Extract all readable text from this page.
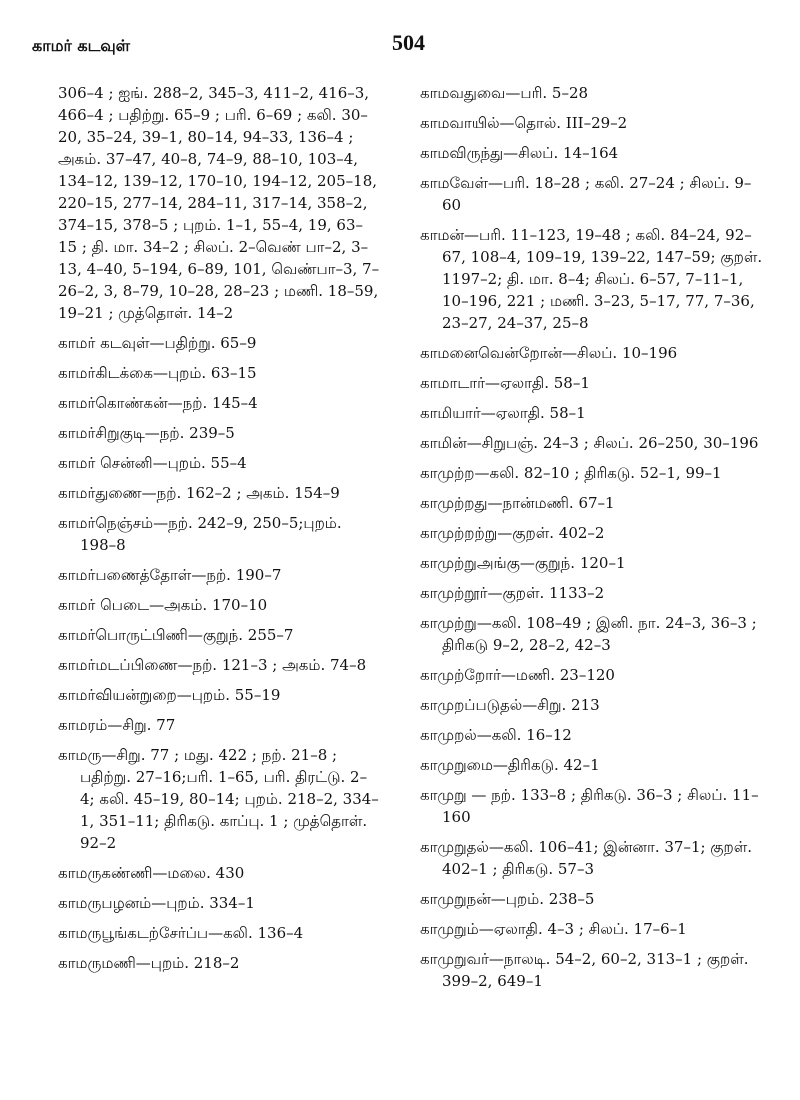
காமர் கடவுள்	504
306–4 ; ஐங். 288–2, 345–3, 411–2, 416–3, 466–4 ; பதிற்று. 65–9 ; பரி. 6–69 ; கலி. 30–20, 35–24, 39–1, 80–14, 94–33, 136–4 ; அகம். 37–47, 40–8, 74–9, 88–10, 103–4, 134–12, 139–12, 170–10, 194–12, 205–18, 220–15, 277–14, 284–11, 317–14, 358–2, 374–15, 378–5 ; புறம். 1–1, 55–4, 19, 63–15 ; தி. மா. 34–2 ; சிலப். 2–வெண் பா–2, 3–13, 4–40, 5–194, 6–89, 101, வெண்பா–3, 7–26–2, 3, 8–79, 10–28, 28–23 ; மணி. 18–59, 19–21 ; முத்தொள். 14–2
காமர் கடவுள்—பதிற்று. 65–9
காமர்கிடக்கை—புறம். 63–15
காமர்கொண்கன்—நற். 145–4
காமர்சிறுகுடி—நற். 239–5
காமர் சென்னி—புறம். 55–4
காமர்துணை—நற். 162–2 ; அகம். 154–9
காமர்நெஞ்சம்—நற். 242–9, 250–5;புறம். 198–8
காமர்பணைத்தோள்—நற். 190–7
காமர் பெடை—அகம். 170–10
காமர்பொருட்பிணி—குறுந். 255–7
காமர்மடப்பிணை—நற். 121–3 ; அகம். 74–8
காமர்வியன்றுறை—புறம். 55–19
காமரம்—சிறு. 77
காமரு—சிறு. 77 ; மது. 422 ; நற். 21–8 ; பதிற்று. 27–16;பரி. 1–65, பரி. திரட்டு. 2–4; கலி. 45–19, 80–14; புறம். 218–2, 334–1, 351–11; திரிகடு. காப்பு. 1 ; முத்தொள். 92–2
காமருகண்ணி—மலை. 430
காமருபழனம்—புறம். 334–1
காமருபூங்கடற்சேர்ப்ப—கலி. 136–4
காமருமணி—புறம். 218–2
காமவதுவை—பரி. 5–28
காமவாயில்—தொல். III–29–2
காமவிருந்து—சிலப். 14–164
காமவேள்—பரி. 18–28 ; கலி. 27–24 ; சிலப். 9–60
காமன்—பரி. 11–123, 19–48 ; கலி. 84–24, 92–67, 108–4, 109–19, 139–22, 147–59; குறள். 1197–2; தி. மா. 8–4; சிலப். 6–57, 7–11–1, 10–196, 221 ; மணி. 3–23, 5–17, 77, 7–36, 23–27, 24–37, 25–8
காமனைவென்றோன்—சிலப். 10–196
காமாடார்—ஏலாதி. 58–1
காமியார்—ஏலாதி. 58–1
காமின்—சிறுபஞ். 24–3 ; சிலப். 26–250, 30–196
காமுற்ற—கலி. 82–10 ; திரிகடு. 52–1, 99–1
காமுற்றது—நான்மணி. 67–1
காமுற்றற்று—குறள். 402–2
காமுற்றுஅங்கு—குறுந். 120–1
காமுற்றூர்—குறள். 1133–2
காமுற்று—கலி. 108–49 ; இனி. நா. 24–3, 36–3 ; திரிகடு 9–2, 28–2, 42–3
காமுற்றோர்—மணி. 23–120
காமுறப்படுதல்—சிறு. 213
காமுறல்—கலி. 16–12
காமுறுமை—திரிகடு. 42–1
காமுறு — நற். 133–8 ; திரிகடு. 36–3 ; சிலப். 11–160
காமுறுதல்—கலி. 106–41; இன்னா. 37–1; குறள். 402–1 ; திரிகடு. 57–3
காமுறுநன்—புறம். 238–5
காமுறும்—ஏலாதி. 4–3 ; சிலப். 17–6–1
காமுறுவர்—நாலடி. 54–2, 60–2, 313–1 ; குறள். 399–2, 649–1
